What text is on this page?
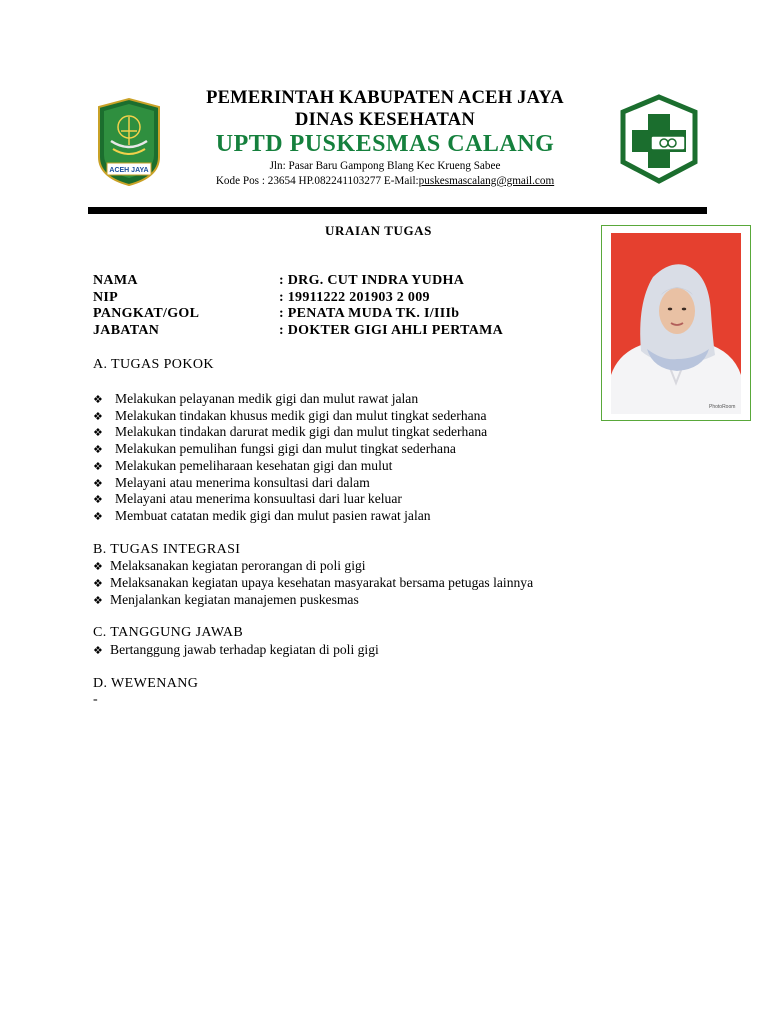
ACEH JAYA
PEMERINTAH KABUPATEN ACEH JAYA
DINAS KESEHATAN
UPTD PUSKESMAS CALANG
Jln: Pasar Baru Gampong Blang Kec Krueng Sabee
Kode Pos : 23654 HP.082241103277 E-Mail:puskesmascalang@gmail.com
PhotoRoom
URAIAN TUGAS
NAMA	: DRG. CUT INDRA YUDHA
NIP	: 19911222 201903 2 009
PANGKAT/GOL	: PENATA MUDA TK. I/IIIb
JABATAN	: DOKTER GIGI AHLI PERTAMA
A. TUGAS POKOK
❖ Melakukan pelayanan medik gigi dan mulut rawat jalan
❖ Melakukan tindakan khusus medik gigi dan mulut tingkat sederhana
❖ Melakukan tindakan darurat medik gigi dan mulut tingkat sederhana
❖ Melakukan pemulihan fungsi gigi dan mulut tingkat sederhana
❖ Melakukan pemeliharaan kesehatan gigi dan mulut
❖ Melayani atau menerima konsultasi dari dalam
❖ Melayani atau menerima konsuultasi dari luar keluar
❖ Membuat catatan medik gigi dan mulut pasien rawat jalan
B. TUGAS INTEGRASI
❖ Melaksanakan kegiatan perorangan di poli gigi
❖ Melaksanakan kegiatan upaya kesehatan masyarakat bersama petugas lainnya
❖ Menjalankan kegiatan manajemen puskesmas
C. TANGGUNG JAWAB
❖ Bertanggung jawab terhadap kegiatan di poli gigi
D. WEWENANG
-
